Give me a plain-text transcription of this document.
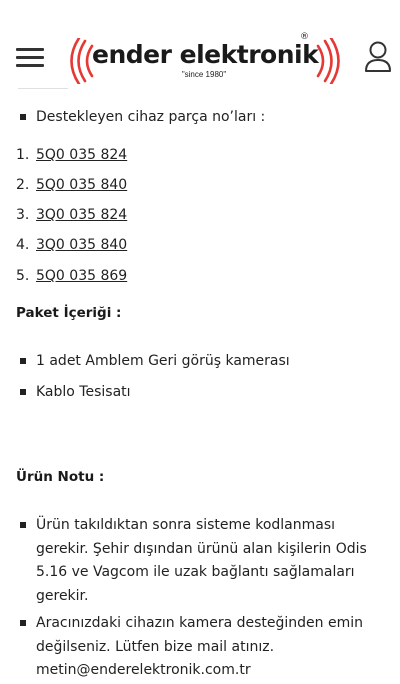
ender elektronik
®
"since 1980"
Destekleyen cihaz parça no’ları :
1. 5Q0 035 824
2. 5Q0 035 840
3. 3Q0 035 824
4. 3Q0 035 840
5. 5Q0 035 869
Paket İçeriği :
1 adet Amblem Geri görüş kamerası
Kablo Tesisatı
Ürün Notu :
Ürün takıldıktan sonra sisteme kodlanması gerekir. Şehir dışından ürünü alan kişilerin Odis 5.16 ve Vagcom ile uzak bağlantı sağlamaları gerekir.
Aracınızdaki cihazın kamera desteğinden emin değilseniz. Lütfen bize mail atınız. metin@enderelektronik.com.tr
